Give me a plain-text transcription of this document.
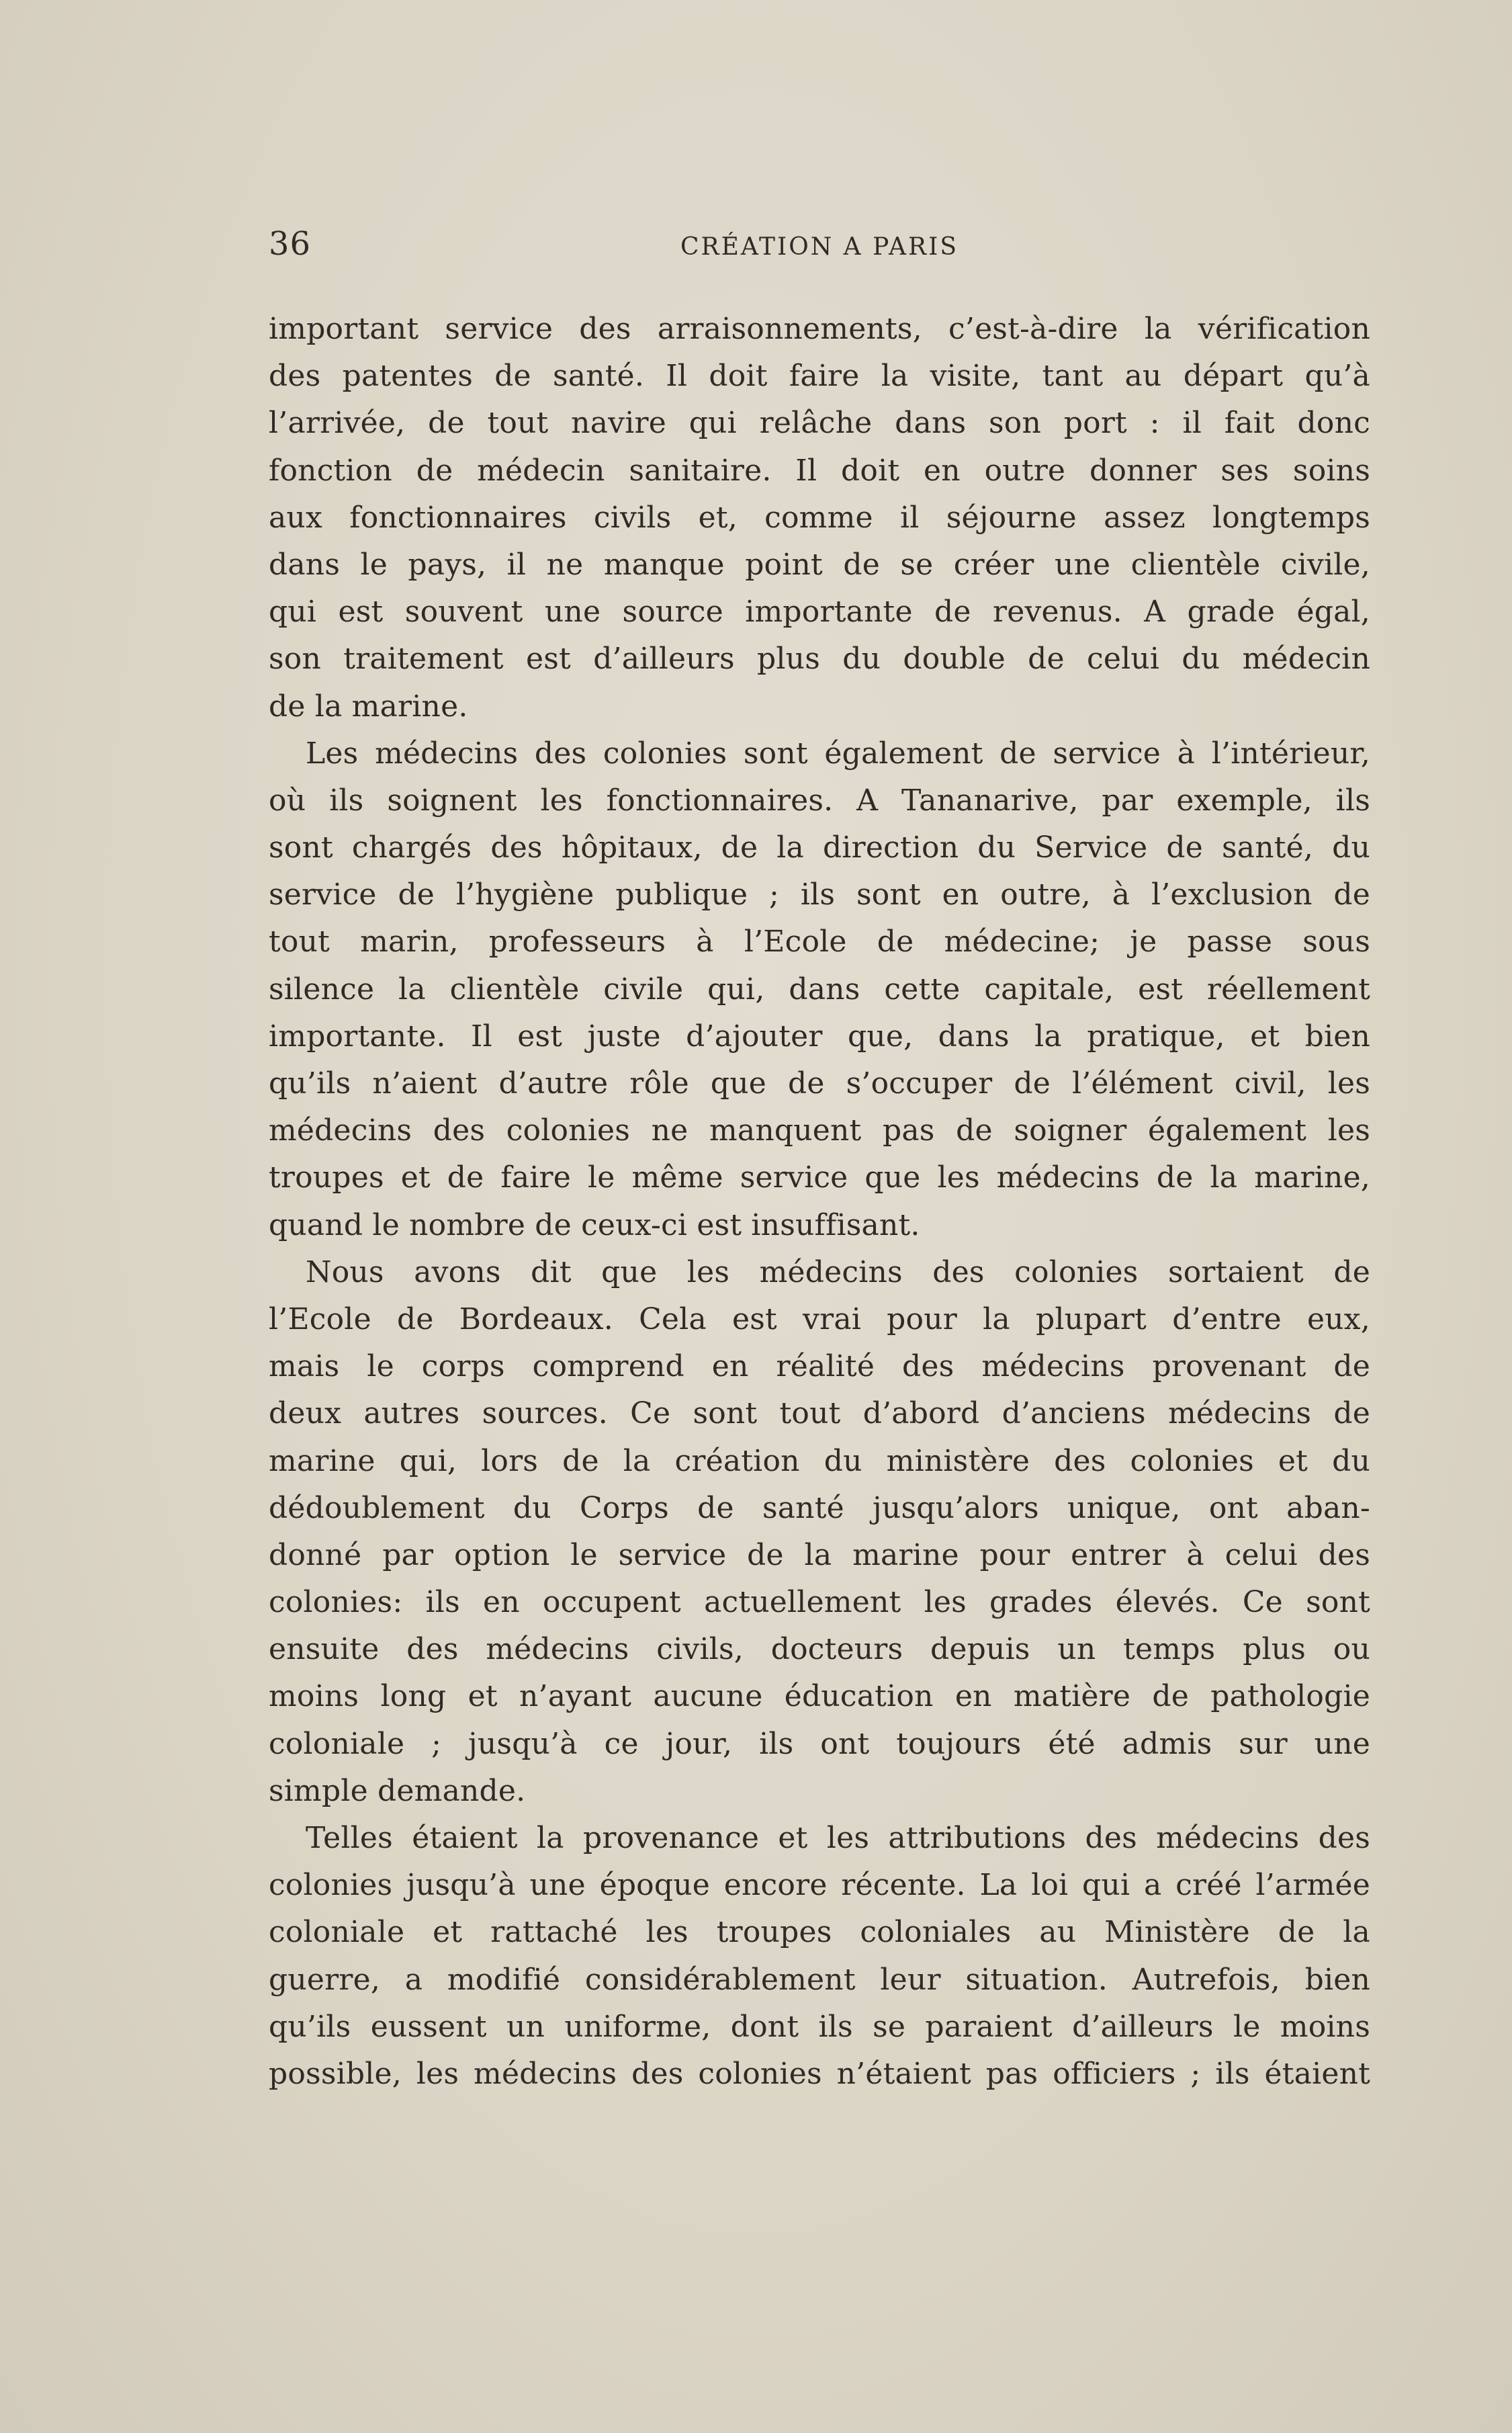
36	CRÉATION A PARIS
important service des arraisonnements, c’est-à-dire la vérification
des patentes de santé. Il doit faire la visite, tant au départ qu’à
l’arrivée, de tout navire qui relâche dans son port : il fait donc
fonction de médecin sanitaire. Il doit en outre donner ses soins
aux fonctionnaires civils et, comme il séjourne assez longtemps
dans le pays, il ne manque point de se créer une clientèle civile,
qui est souvent une source importante de revenus. A grade égal,
son traitement est d’ailleurs plus du double de celui du médecin
de la marine.
Les médecins des colonies sont également de service à l’intérieur,
où ils soignent les fonctionnaires. A Tananarive, par exemple, ils
sont chargés des hôpitaux, de la direction du Service de santé, du
service de l’hygiène publique ; ils sont en outre, à l’exclusion de
tout marin, professeurs à l’Ecole de médecine; je passe sous
silence la clientèle civile qui, dans cette capitale, est réellement
importante. Il est juste d’ajouter que, dans la pratique, et bien
qu’ils n’aient d’autre rôle que de s’occuper de l’élément civil, les
médecins des colonies ne manquent pas de soigner également les
troupes et de faire le même service que les médecins de la marine,
quand le nombre de ceux-ci est insuffisant.
Nous avons dit que les médecins des colonies sortaient de
l’Ecole de Bordeaux. Cela est vrai pour la plupart d’entre eux,
mais le corps comprend en réalité des médecins provenant de
deux autres sources. Ce sont tout d’abord d’anciens médecins de
marine qui, lors de la création du ministère des colonies et du
dédoublement du Corps de santé jusqu’alors unique, ont aban-
donné par option le service de la marine pour entrer à celui des
colonies: ils en occupent actuellement les grades élevés. Ce sont
ensuite des médecins civils, docteurs depuis un temps plus ou
moins long et n’ayant aucune éducation en matière de pathologie
coloniale ; jusqu’à ce jour, ils ont toujours été admis sur une
simple demande.
Telles étaient la provenance et les attributions des médecins des
colonies jusqu’à une époque encore récente. La loi qui a créé l’armée
coloniale et rattaché les troupes coloniales au Ministère de la
guerre, a modifié considérablement leur situation. Autrefois, bien
qu’ils eussent un uniforme, dont ils se paraient d’ailleurs le moins
possible, les médecins des colonies n’étaient pas officiers ; ils étaient
